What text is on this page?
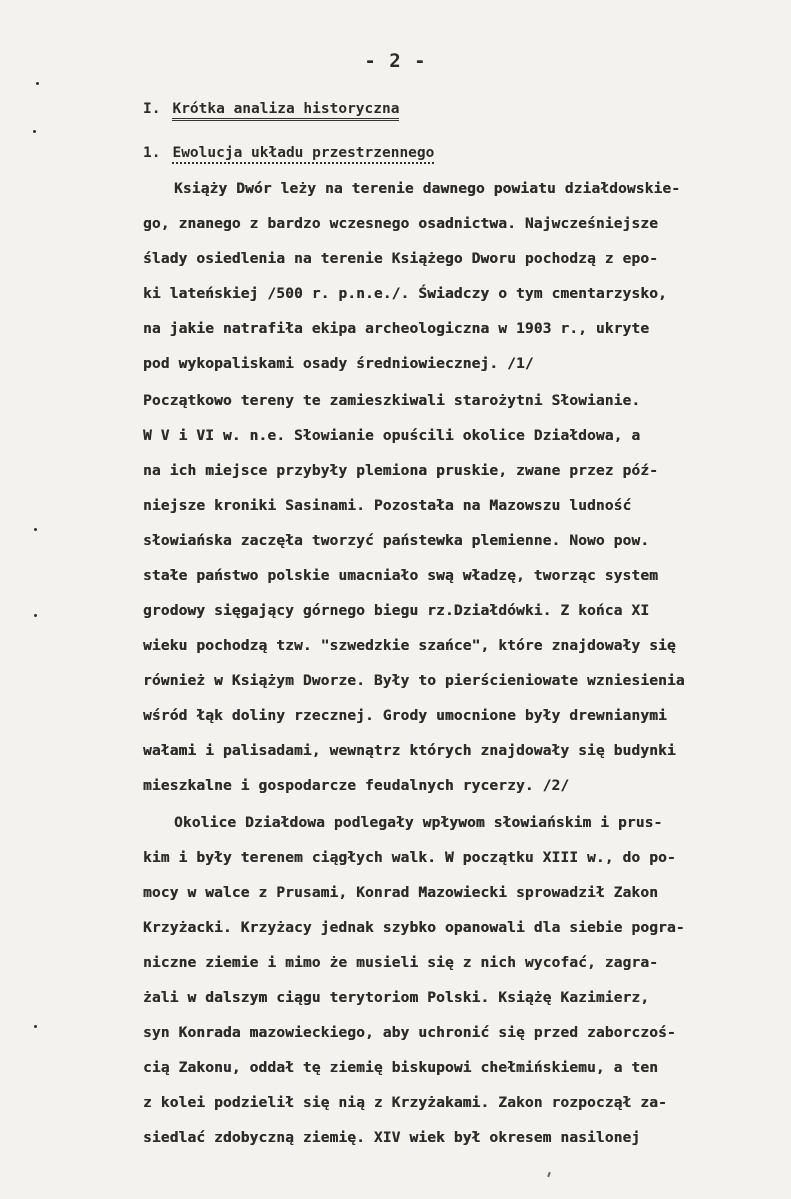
- 2 -
I. Krótka analiza historyczna
1. Ewolucja układu przestrzennego
Książy Dwór leży na terenie dawnego powiatu działdowskie-
go, znanego z bardzo wczesnego osadnictwa. Najwcześniejsze
ślady osiedlenia na terenie Książego Dworu pochodzą z epo-
ki lateńskiej /500 r. p.n.e./. Świadczy o tym cmentarzysko,
na jakie natrafiła ekipa archeologiczna w 1903 r., ukryte
pod wykopaliskami osady średniowiecznej. /1/
Początkowo tereny te zamieszkiwali starożytni Słowianie.
W V i VI w. n.e. Słowianie opuścili okolice Działdowa, a
na ich miejsce przybyły plemiona pruskie, zwane przez póź-
niejsze kroniki Sasinami. Pozostała na Mazowszu ludność
słowiańska zaczęła tworzyć państewka plemienne. Nowo pow.
stałe państwo polskie umacniało swą władzę, tworząc system
grodowy sięgający górnego biegu rz.Działdówki. Z końca XI
wieku pochodzą tzw. "szwedzkie szańce", które znajdowały się
również w Książym Dworze. Były to pierścieniowate wzniesienia
wśród łąk doliny rzecznej. Grody umocnione były drewnianymi
wałami i palisadami, wewnątrz których znajdowały się budynki
mieszkalne i gospodarcze feudalnych rycerzy. /2/
Okolice Działdowa podlegały wpływom słowiańskim i prus-
kim i były terenem ciągłych walk. W początku XIII w., do po-
mocy w walce z Prusami, Konrad Mazowiecki sprowadził Zakon
Krzyżacki. Krzyżacy jednak szybko opanowali dla siebie pogra-
niczne ziemie i mimo że musieli się z nich wycofać, zagra-
żali w dalszym ciągu terytoriom Polski. Książę Kazimierz,
syn Konrada mazowieckiego, aby uchronić się przed zaborczoś-
cią Zakonu, oddał tę ziemię biskupowi chełmińskiemu, a ten
z kolei podzielił się nią z Krzyżakami. Zakon rozpoczął za-
siedlać zdobyczną ziemię. XIV wiek był okresem nasilonej
